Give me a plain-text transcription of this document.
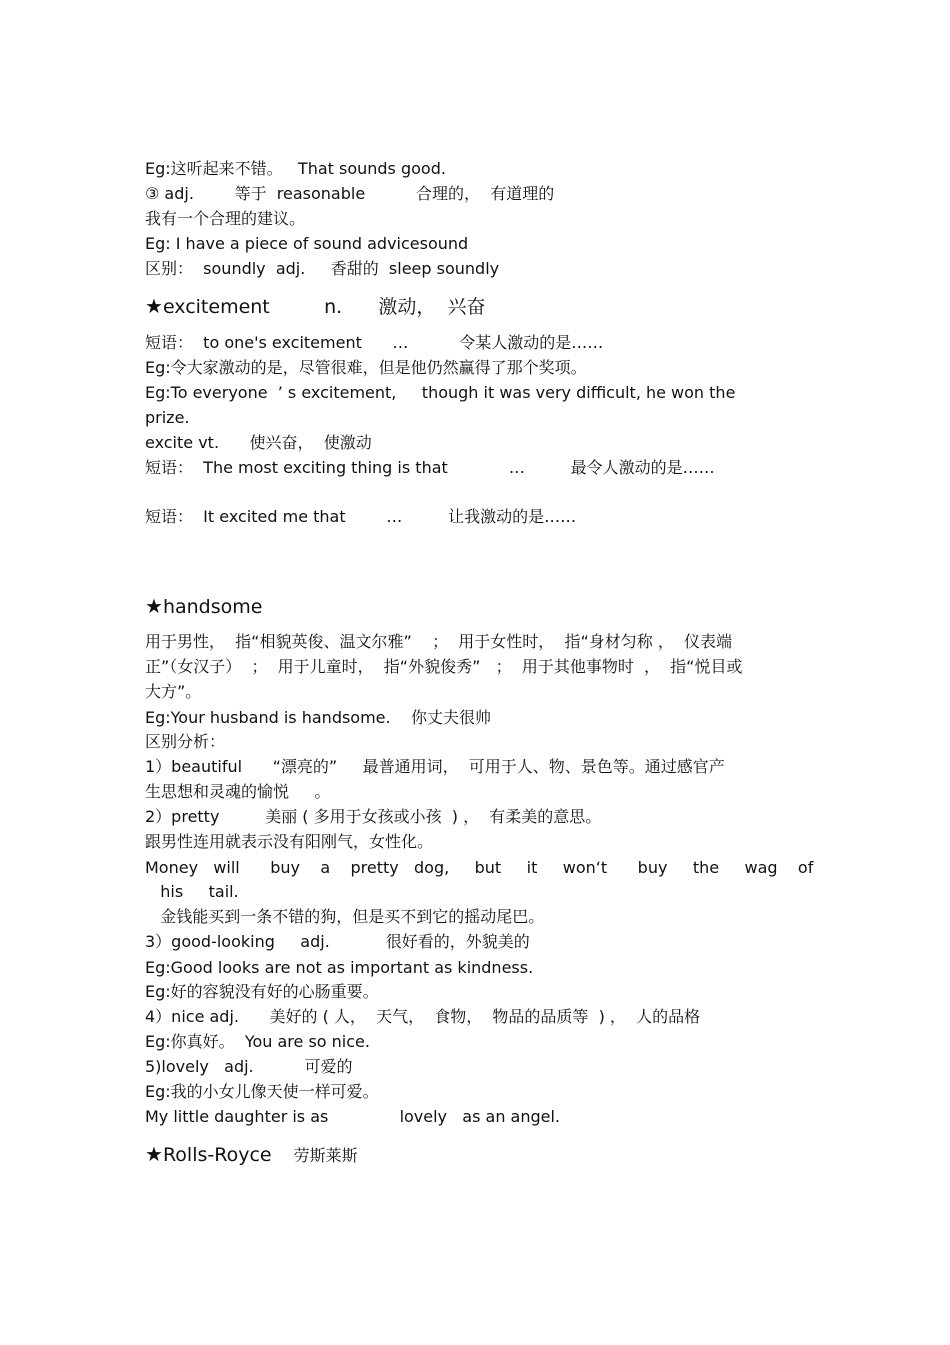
Eg:这听起来不错。   That sounds good.
③ adj.        等于  reasonable          合理的，  有道理的
我有一个合理的建议。
Eg: I have a piece of sound advicesound
区别：  soundly  adj.     香甜的  sleep soundly
★excitement         n.      激动，  兴奋
短语：  to one's excitement      …          令某人激动的是……
Eg:令大家激动的是，尽管很难，但是他仍然赢得了那个奖项。
Eg:To everyone  ’ s excitement,     though it was very difficult, he won the
prize.
excite vt.      使兴奋，  使激动
短语：  The most exciting thing is that            …         最令人激动的是……
短语：  It excited me that        …         让我激动的是……
★handsome
用于男性，  指“相貌英俊、温文尔雅”    ；  用于女性时，  指“身材匀称 ，  仪表端
正”（女汉子）  ；  用于儿童时，  指“外貌俊秀”   ；  用于其他事物时  ，  指“悦目或
大方”。
Eg:Your husband is handsome.    你丈夫很帅
区别分析：
1）beautiful      “漂亮的”     最普通用词，  可用于人、物、景色等。通过感官产
生思想和灵魂的愉悦     。
2）pretty         美丽 ( 多用于女孩或小孩  ) ，  有柔美的意思。
跟男性连用就表示没有阳刚气，女性化。
Money   will      buy    a    pretty   dog,     but     it     won‘t      buy     the     wag    of
his     tail.
金钱能买到一条不错的狗，但是买不到它的摇动尾巴。
3）good-looking     adj.           很好看的，外貌美的
Eg:Good looks are not as important as kindness.
Eg:好的容貌没有好的心肠重要。
4）nice adj.      美好的 ( 人，  天气，  食物，  物品的品质等  ) ，  人的品格
Eg:你真好。  You are so nice.
5)lovely   adj.          可爱的
Eg:我的小女儿像天使一样可爱。
My little daughter is as              lovely   as an angel.
★Rolls-Royce 劳斯莱斯
